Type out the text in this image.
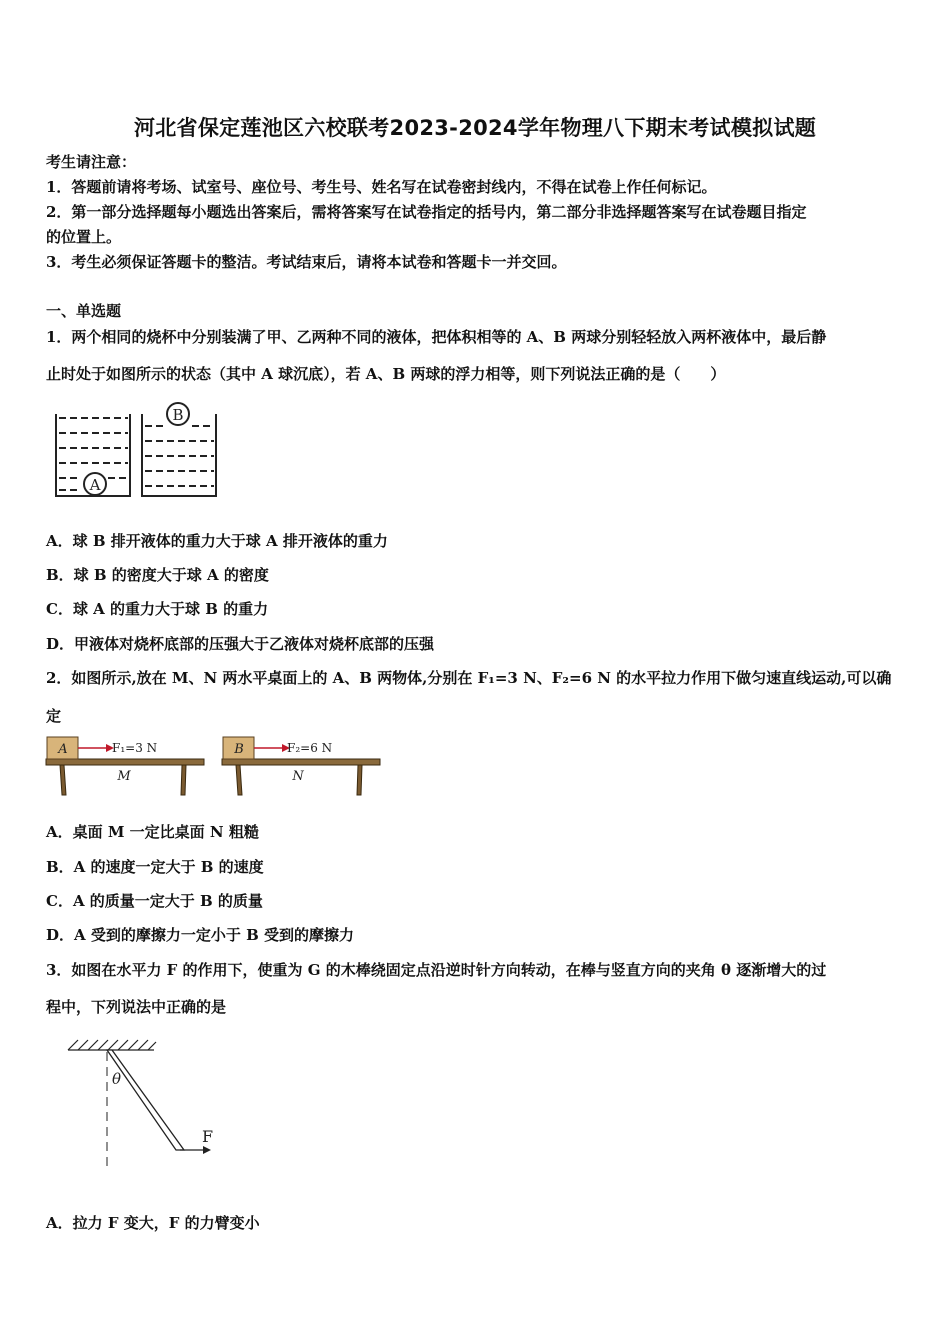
河北省保定莲池区六校联考2023-2024学年物理八下期末考试模拟试题
考生请注意：
1．答题前请将考场、试室号、座位号、考生号、姓名写在试卷密封线内，不得在试卷上作任何标记。
2．第一部分选择题每小题选出答案后，需将答案写在试卷指定的括号内，第二部分非选择题答案写在试卷题目指定
的位置上。
3．考生必须保证答题卡的整洁。考试结束后，请将本试卷和答题卡一并交回。
一、单选题
1．两个相同的烧杯中分别装满了甲、乙两种不同的液体，把体积相等的 A、B 两球分别轻轻放入两杯液体中，最后静
止时处于如图所示的状态（其中 A 球沉底），若 A、B 两球的浮力相等，则下列说法正确的是（　　）
A
B
A．球 B 排开液体的重力大于球 A 排开液体的重力
B．球 B 的密度大于球 A 的密度
C．球 A 的重力大于球 B 的重力
D．甲液体对烧杯底部的压强大于乙液体对烧杯底部的压强
2．如图所示,放在 M、N 两水平桌面上的 A、B 两物体,分别在 F₁=3 N、F₂=6 N 的水平拉力作用下做匀速直线运动,可以确
定
A	F₁=3 N
M
B	F₂=6 N
N
A．桌面 M 一定比桌面 N 粗糙
B．A 的速度一定大于 B 的速度
C．A 的质量一定大于 B 的质量
D．A 受到的摩擦力一定小于 B 受到的摩擦力
3．如图在水平力 F 的作用下，使重为 G 的木棒绕固定点沿逆时针方向转动，在棒与竖直方向的夹角 θ 逐渐增大的过
程中，下列说法中正确的是
θ
F
A．拉力 F 变大，F 的力臂变小
